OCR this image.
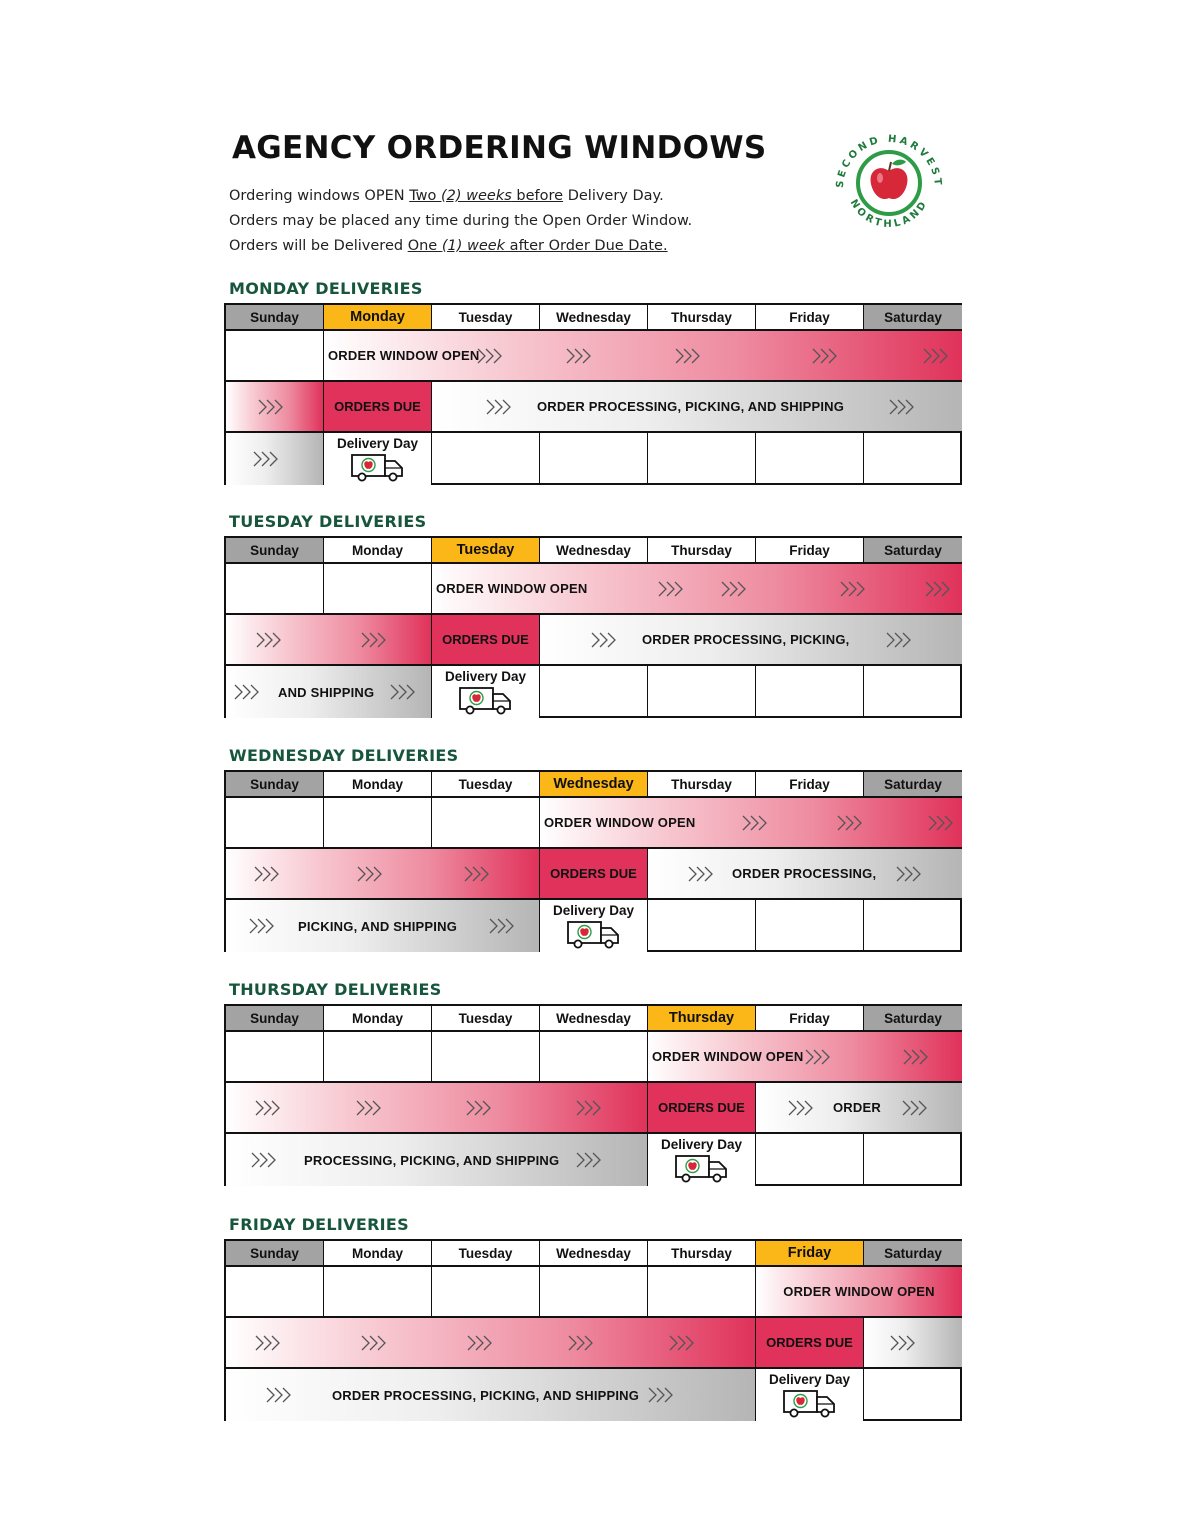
AGENCY ORDERING WINDOWS
Ordering windows OPEN Two (2) weeks before Delivery Day.
Orders may be placed any time during the Open Order Window.
Orders will be Delivered One (1) week after Order Due Date.
SECOND HARVEST
NORTHLAND
MONDAY DELIVERIES
Sunday	Monday	Tuesday	Wednesday	Thursday	Friday	Saturday
ORDER WINDOW OPEN
ORDERS DUE	ORDER PROCESSING, PICKING, AND SHIPPING
Delivery Day
TUESDAY DELIVERIES
Sunday	Monday	Tuesday	Wednesday	Thursday	Friday	Saturday
ORDER WINDOW OPEN
ORDERS DUE	ORDER PROCESSING, PICKING,
AND SHIPPING
Delivery Day
WEDNESDAY DELIVERIES
Sunday	Monday	Tuesday	Wednesday	Thursday	Friday	Saturday
ORDER WINDOW OPEN
ORDERS DUE	ORDER PROCESSING,
PICKING, AND SHIPPING
Delivery Day
THURSDAY DELIVERIES
Sunday	Monday	Tuesday	Wednesday	Thursday	Friday	Saturday
ORDER WINDOW OPEN
ORDERS DUE	ORDER
PROCESSING, PICKING, AND SHIPPING
Delivery Day
FRIDAY DELIVERIES
Sunday	Monday	Tuesday	Wednesday	Thursday	Friday	Saturday
ORDER WINDOW OPEN
ORDERS DUE
ORDER PROCESSING, PICKING, AND SHIPPING
Delivery Day
